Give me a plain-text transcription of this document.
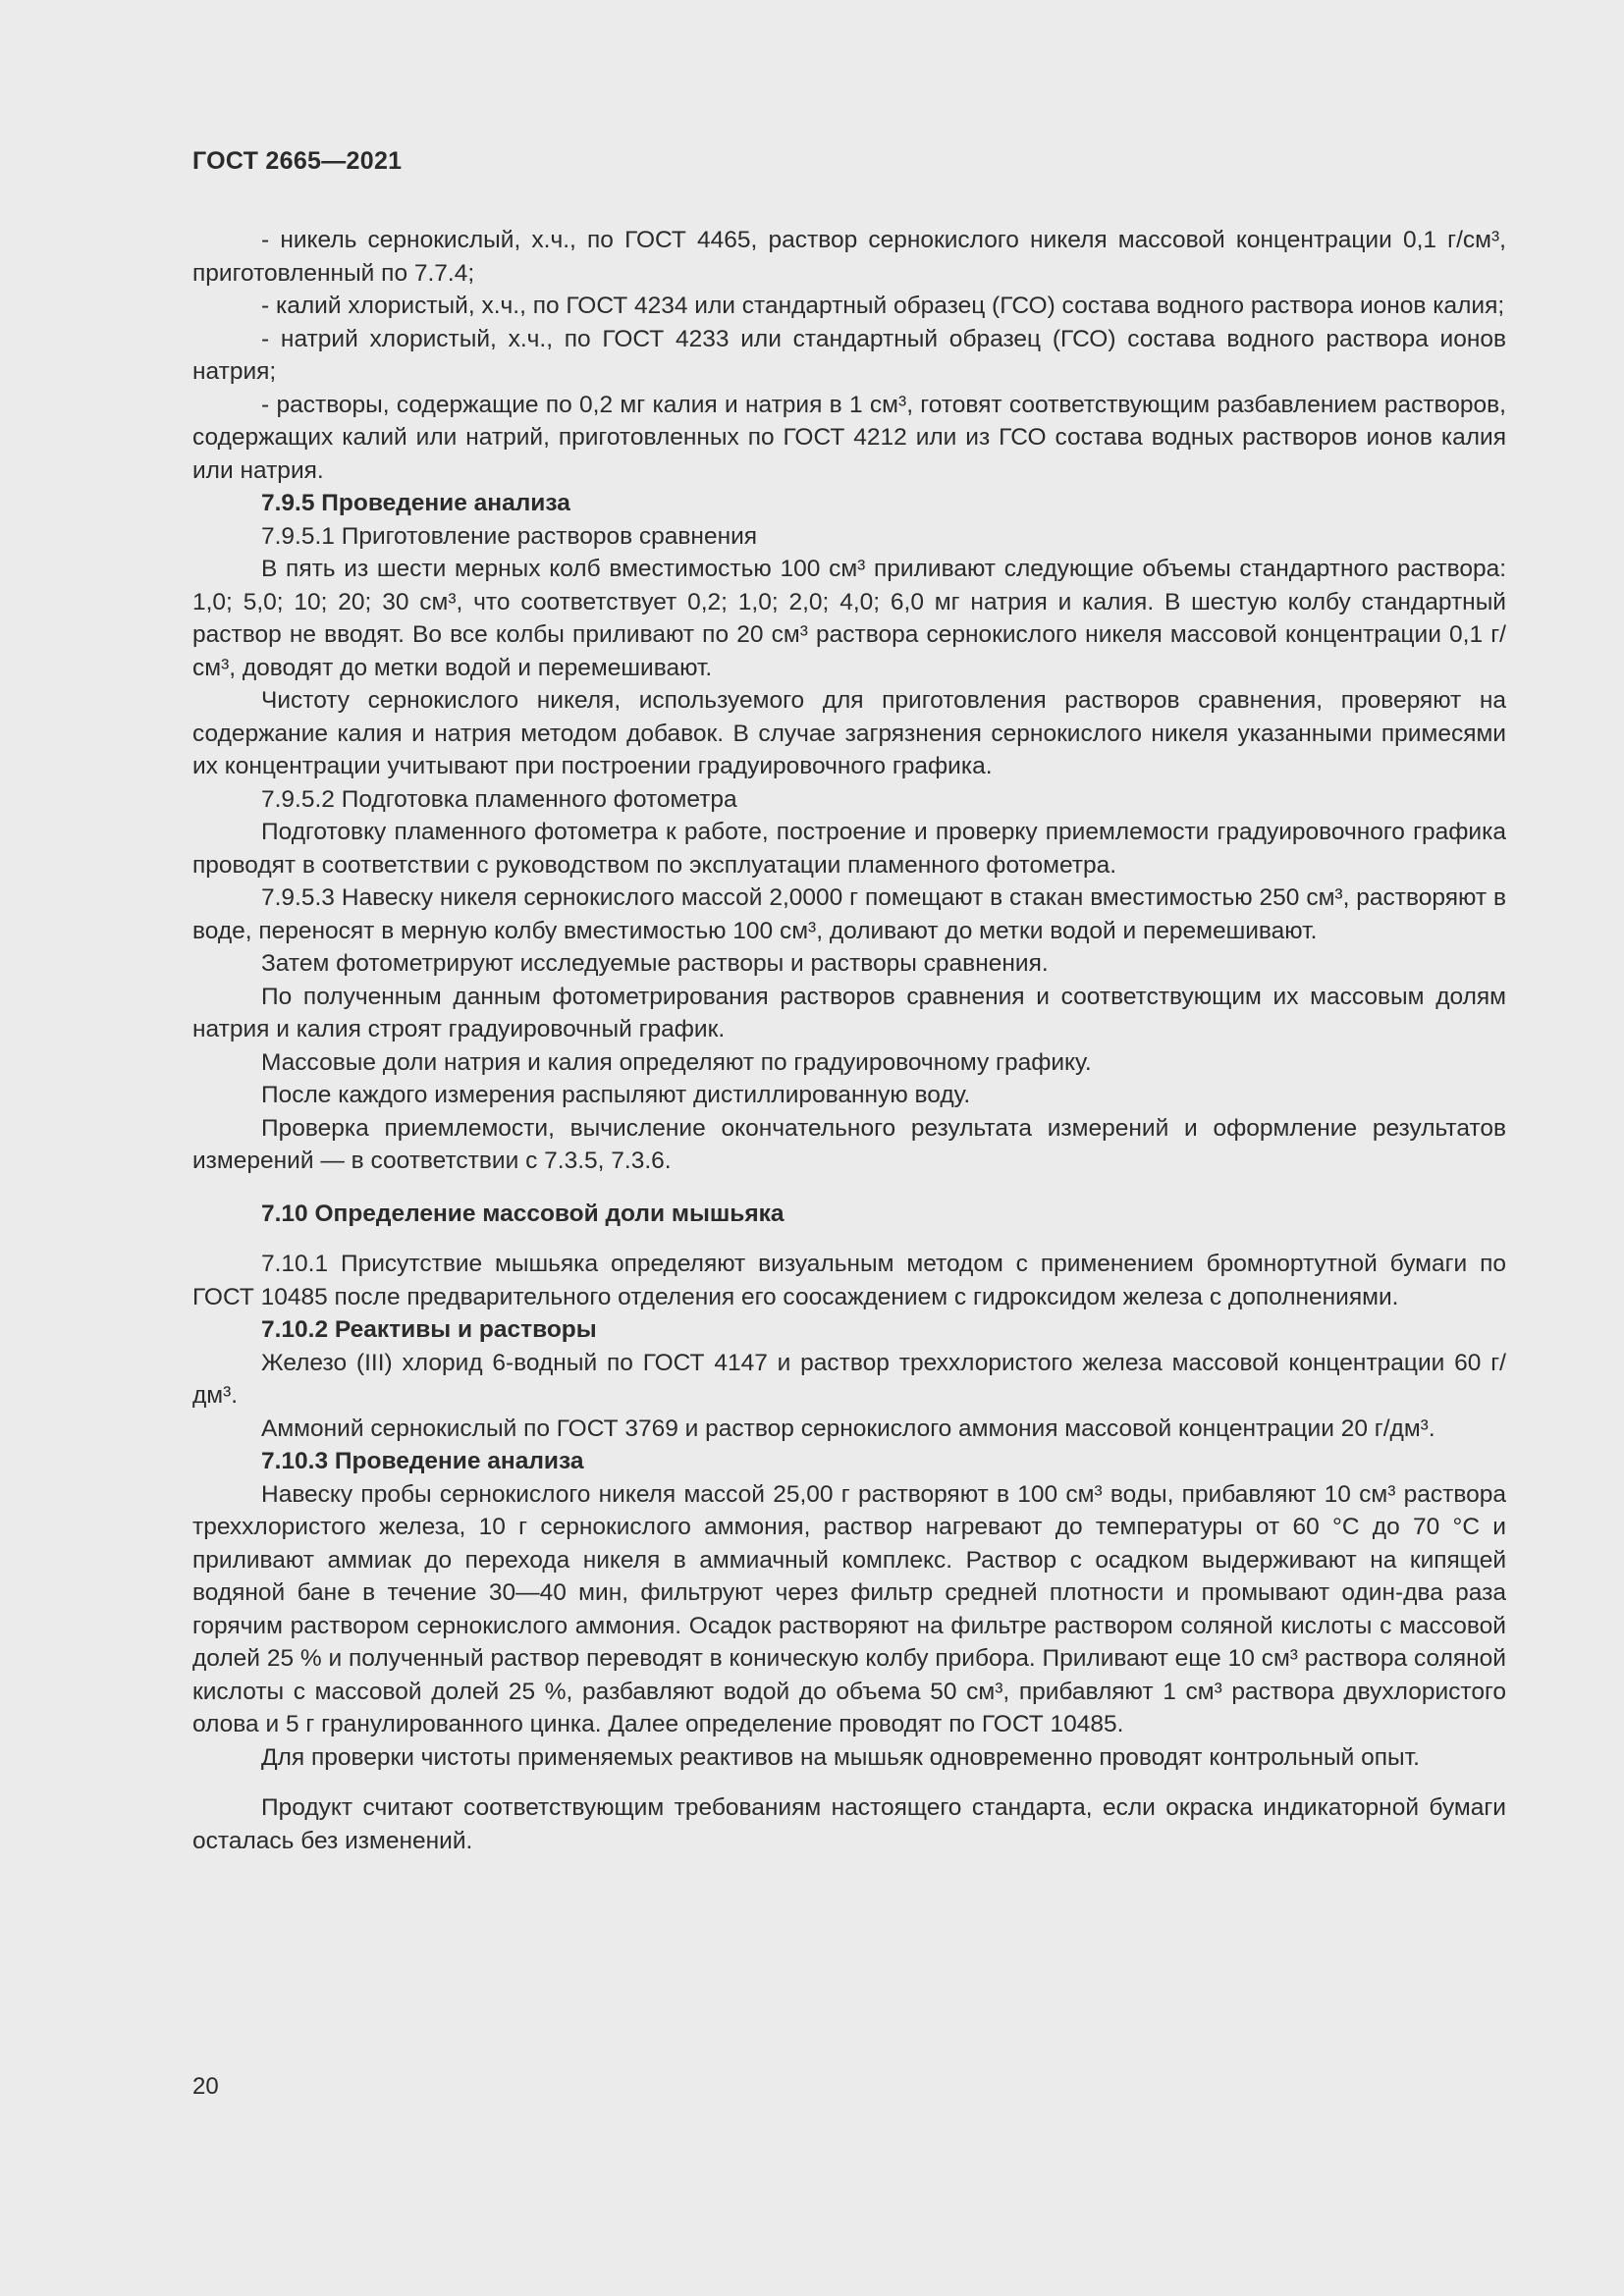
ГОСТ 2665—2021

- никель сернокислый, х.ч., по ГОСТ 4465, раствор сернокислого никеля массовой концентрации 0,1 г/см³, приготовленный по 7.7.4;

- калий хлористый, х.ч., по ГОСТ 4234 или стандартный образец (ГСО) состава водного раствора ионов калия;

- натрий хлористый, х.ч., по ГОСТ 4233 или стандартный образец (ГСО) состава водного раствора ионов натрия;

- растворы, содержащие по 0,2 мг калия и натрия в 1 см³, готовят соответствующим разбавлением растворов, содержащих калий или натрий, приготовленных по ГОСТ 4212 или из ГСО состава водных растворов ионов калия или натрия.

7.9.5 Проведение анализа

7.9.5.1 Приготовление растворов сравнения

В пять из шести мерных колб вместимостью 100 см³ приливают следующие объемы стандартного раствора: 1,0; 5,0; 10; 20; 30 см³, что соответствует 0,2; 1,0; 2,0; 4,0; 6,0 мг натрия и калия. В шестую колбу стандартный раствор не вводят. Во все колбы приливают по 20 см³ раствора сернокислого никеля массовой концентрации 0,1 г/см³, доводят до метки водой и перемешивают.

Чистоту сернокислого никеля, используемого для приготовления растворов сравнения, проверяют на содержание калия и натрия методом добавок. В случае загрязнения сернокислого никеля указанными примесями их концентрации учитывают при построении градуировочного графика.

7.9.5.2 Подготовка пламенного фотометра

Подготовку пламенного фотометра к работе, построение и проверку приемлемости градуировочного графика проводят в соответствии с руководством по эксплуатации пламенного фотометра.

7.9.5.3 Навеску никеля сернокислого массой 2,0000 г помещают в стакан вместимостью 250 см³, растворяют в воде, переносят в мерную колбу вместимостью 100 см³, доливают до метки водой и перемешивают.

Затем фотометрируют исследуемые растворы и растворы сравнения.

По полученным данным фотометрирования растворов сравнения и соответствующим их массовым долям натрия и калия строят градуировочный график.

Массовые доли натрия и калия определяют по градуировочному графику.

После каждого измерения распыляют дистиллированную воду.

Проверка приемлемости, вычисление окончательного результата измерений и оформление результатов измерений — в соответствии с 7.3.5, 7.3.6.

7.10 Определение массовой доли мышьяка

7.10.1 Присутствие мышьяка определяют визуальным методом с применением бромнортутной бумаги по ГОСТ 10485 после предварительного отделения его соосаждением с гидроксидом железа с дополнениями.

7.10.2 Реактивы и растворы

Железо (III) хлорид 6-водный по ГОСТ 4147 и раствор треххлористого железа массовой концентрации 60 г/дм³.

Аммоний сернокислый по ГОСТ 3769 и раствор сернокислого аммония массовой концентрации 20 г/дм³.

7.10.3 Проведение анализа

Навеску пробы сернокислого никеля массой 25,00 г растворяют в 100 см³ воды, прибавляют 10 см³ раствора треххлористого железа, 10 г сернокислого аммония, раствор нагревают до температуры от 60 °С до 70 °С и приливают аммиак до перехода никеля в аммиачный комплекс. Раствор с осадком выдерживают на кипящей водяной бане в течение 30—40 мин, фильтруют через фильтр средней плотности и промывают один-два раза горячим раствором сернокислого аммония. Осадок растворяют на фильтре раствором соляной кислоты с массовой долей 25 % и полученный раствор переводят в коническую колбу прибора. Приливают еще 10 см³ раствора соляной кислоты с массовой долей 25 %, разбавляют водой до объема 50 см³, прибавляют 1 см³ раствора двухлористого олова и 5 г гранулированного цинка. Далее определение проводят по ГОСТ 10485.

Для проверки чистоты применяемых реактивов на мышьяк одновременно проводят контрольный опыт.

Продукт считают соответствующим требованиям настоящего стандарта, если окраска индикаторной бумаги осталась без изменений.

20
